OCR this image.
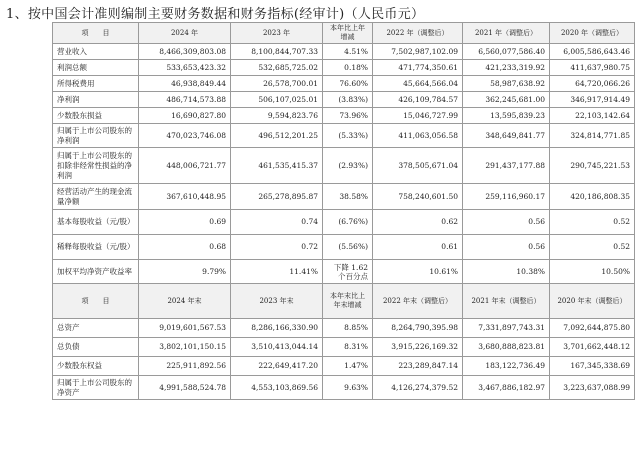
1、按中国会计准则编制主要财务数据和财务指标(经审计)（人民币元）
项　　目	2024 年	2023 年	本年比上年增减	2022 年（调整后）	2021 年（调整后）	2020 年（调整后）
营业收入	8,466,309,803.08	8,100,844,707.33	4.51%	7,502,987,102.09	6,560,077,586.40	6,005,586,643.46
利润总额	533,653,423.32	532,685,725.02	0.18%	471,774,350.61	421,233,319.92	411,637,980.75
所得税费用	46,938,849.44	26,578,700.01	76.60%	45,664,566.04	58,987,638.92	64,720,066.26
净利润	486,714,573.88	506,107,025.01	(3.83%)	426,109,784.57	362,245,681.00	346,917,914.49
少数股东损益	16,690,827.80	9,594,823.76	73.96%	15,046,727.99	13,595,839.23	22,103,142.64
归属于上市公司股东的净利润	470,023,746.08	496,512,201.25	(5.33%)	411,063,056.58	348,649,841.77	324,814,771.85
归属于上市公司股东的扣除非经常性损益的净利润	448,006,721.77	461,535,415.37	(2.93%)	378,505,671.04	291,437,177.88	290,745,221.53
经营活动产生的现金流量净额	367,610,448.95	265,278,895.87	38.58%	758,240,601.50	259,116,960.17	420,186,808.35
基本每股收益（元/股）	0.69	0.74	(6.76%)	0.62	0.56	0.52
稀释每股收益（元/股）	0.68	0.72	(5.56%)	0.61	0.56	0.52
加权平均净资产收益率	9.79%	11.41%	下降 1.62 个百分点	10.61%	10.38%	10.50%
项　　目	2024 年末	2023 年末	本年末比上年末增减	2022 年末（调整后）	2021 年末（调整后）	2020 年末（调整后）
总资产	9,019,601,567.53	8,286,166,330.90	8.85%	8,264,790,395.98	7,331,897,743.31	7,092,644,875.80
总负债	3,802,101,150.15	3,510,413,044.14	8.31%	3,915,226,169.32	3,680,888,823.81	3,701,662,448.12
少数股东权益	225,911,892.56	222,649,417.20	1.47%	223,289,847.14	183,122,736.49	167,345,338.69
归属于上市公司股东的净资产	4,991,588,524.78	4,553,103,869.56	9.63%	4,126,274,379.52	3,467,886,182.97	3,223,637,088.99
